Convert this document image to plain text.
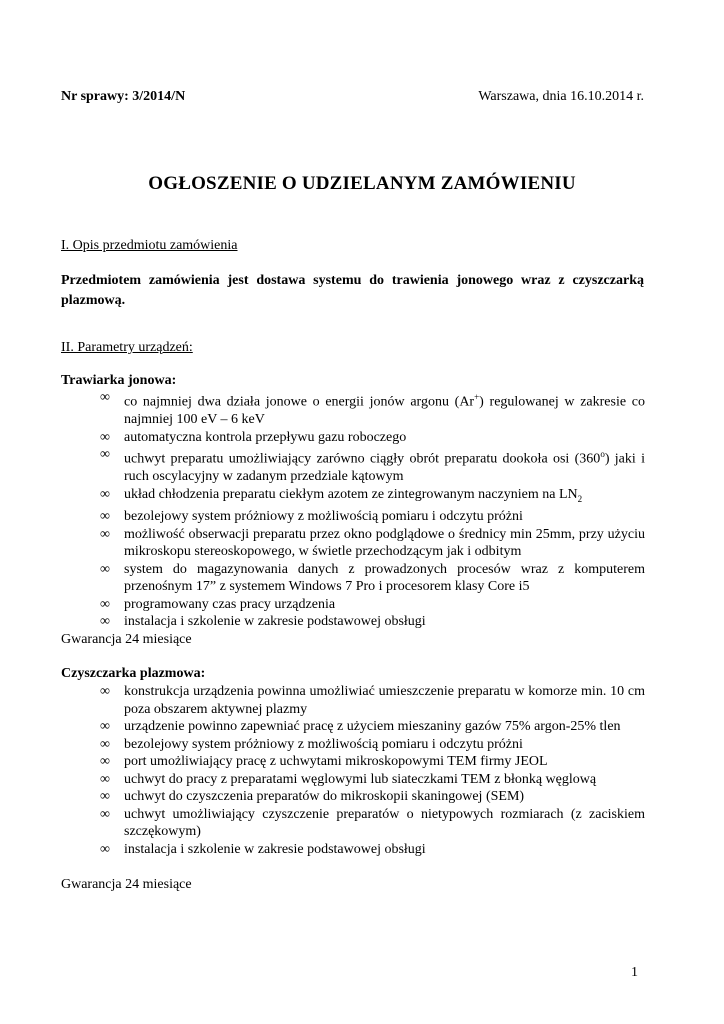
Nr sprawy: 3/2014/N	Warszawa, dnia 16.10.2014 r.
OGŁOSZENIE O UDZIELANYM ZAMÓWIENIU
I. Opis przedmiotu zamówienia
Przedmiotem zamówienia jest dostawa systemu do trawienia jonowego wraz z czyszczarką plazmową.
II. Parametry urządzeń:
Trawiarka jonowa:
∞	co najmniej dwa działa jonowe o energii jonów argonu (Ar+) regulowanej w zakresie co najmniej 100 eV – 6 keV
∞	automatyczna kontrola przepływu gazu roboczego
∞	uchwyt preparatu umożliwiający zarówno ciągły obrót preparatu dookoła osi (360$^o$) jaki i ruch oscylacyjny w zadanym przedziale kątowym
∞	układ chłodzenia preparatu ciekłym azotem ze zintegrowanym naczyniem na $LN_2$
∞	bezolejowy system próżniowy z możliwością pomiaru i odczytu próżni
∞	możliwość obserwacji preparatu przez okno podglądowe o średnicy min 25mm, przy użyciu mikroskopu stereoskopowego, w świetle przechodzącym jak i odbitym
∞	system do magazynowania danych z prowadzonych procesów wraz z komputerem przenośnym 17” z systemem Windows 7 Pro i procesorem klasy Core i5
∞	programowany czas pracy urządzenia
∞	instalacja i szkolenie w zakresie podstawowej obsługi
Gwarancja 24 miesiące
Czyszczarka plazmowa:
∞	konstrukcja urządzenia powinna umożliwiać umieszczenie preparatu w komorze min. 10 cm poza obszarem aktywnej plazmy
∞	urządzenie powinno zapewniać pracę z użyciem mieszaniny gazów 75% argon-25% tlen
∞	bezolejowy system próżniowy z możliwością pomiaru i odczytu próżni
∞	port umożliwiający pracę z uchwytami mikroskopowymi TEM firmy JEOL
∞	uchwyt do pracy z preparatami węglowymi lub siateczkami TEM z błonką węglową
∞	uchwyt do czyszczenia preparatów do mikroskopii skaningowej (SEM)
∞	uchwyt umożliwiający czyszczenie preparatów o nietypowych rozmiarach (z zaciskiem szczękowym)
∞	instalacja i szkolenie w zakresie podstawowej obsługi
Gwarancja 24 miesiące
1
